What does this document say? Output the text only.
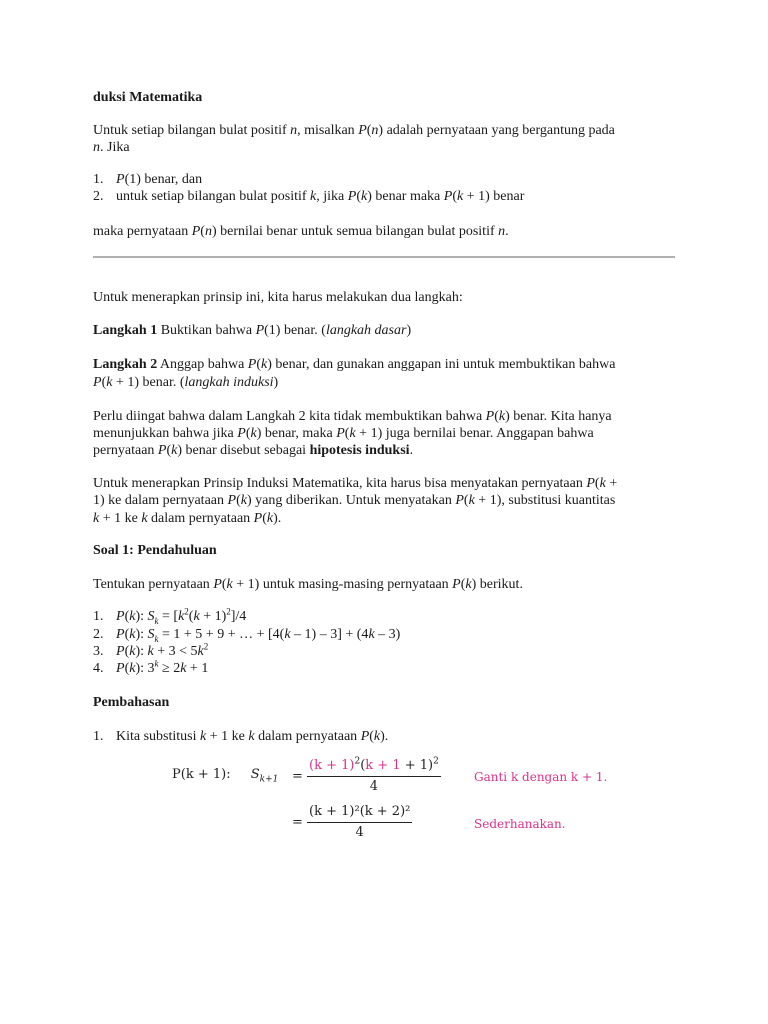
duksi Matematika
Untuk setiap bilangan bulat positif n, misalkan P(n) adalah pernyataan yang bergantung pada
n. Jika
1. P(1) benar, dan
2. untuk setiap bilangan bulat positif k, jika P(k) benar maka P(k + 1) benar
maka pernyataan P(n) bernilai benar untuk semua bilangan bulat positif n.
Untuk menerapkan prinsip ini, kita harus melakukan dua langkah:
Langkah 1 Buktikan bahwa P(1) benar. (langkah dasar)
Langkah 2 Anggap bahwa P(k) benar, dan gunakan anggapan ini untuk membuktikan bahwa
P(k + 1) benar. (langkah induksi)
Perlu diingat bahwa dalam Langkah 2 kita tidak membuktikan bahwa P(k) benar. Kita hanya
menunjukkan bahwa jika P(k) benar, maka P(k + 1) juga bernilai benar. Anggapan bahwa
pernyataan P(k) benar disebut sebagai hipotesis induksi.
Untuk menerapkan Prinsip Induksi Matematika, kita harus bisa menyatakan pernyataan P(k +
1) ke dalam pernyataan P(k) yang diberikan. Untuk menyatakan P(k + 1), substitusi kuantitas
k + 1 ke k dalam pernyataan P(k).
Soal 1: Pendahuluan
Tentukan pernyataan P(k + 1) untuk masing-masing pernyataan P(k) berikut.
1. P(k): $S_k = [k^2(k + 1)^2]/4$
2. P(k): $S_k = 1 + 5 + 9$ + … + [4(k – 1) – 3] + (4k – 3)
3. P(k): $k + 3 < 5k^2$
4. P(k): $3^k \ge 2k + 1$
Pembahasan
1. Kita substitusi k + 1 ke k dalam pernyataan P(k).
P(k + 1): $S_{k+1} = \frac{(k + 1)^2(k + 1 + 1)^2}{4}$
= $\frac{\text{(k + 1)²(k + 2)²}}{4}$
Ganti k dengan k + 1.
Sederhanakan.
